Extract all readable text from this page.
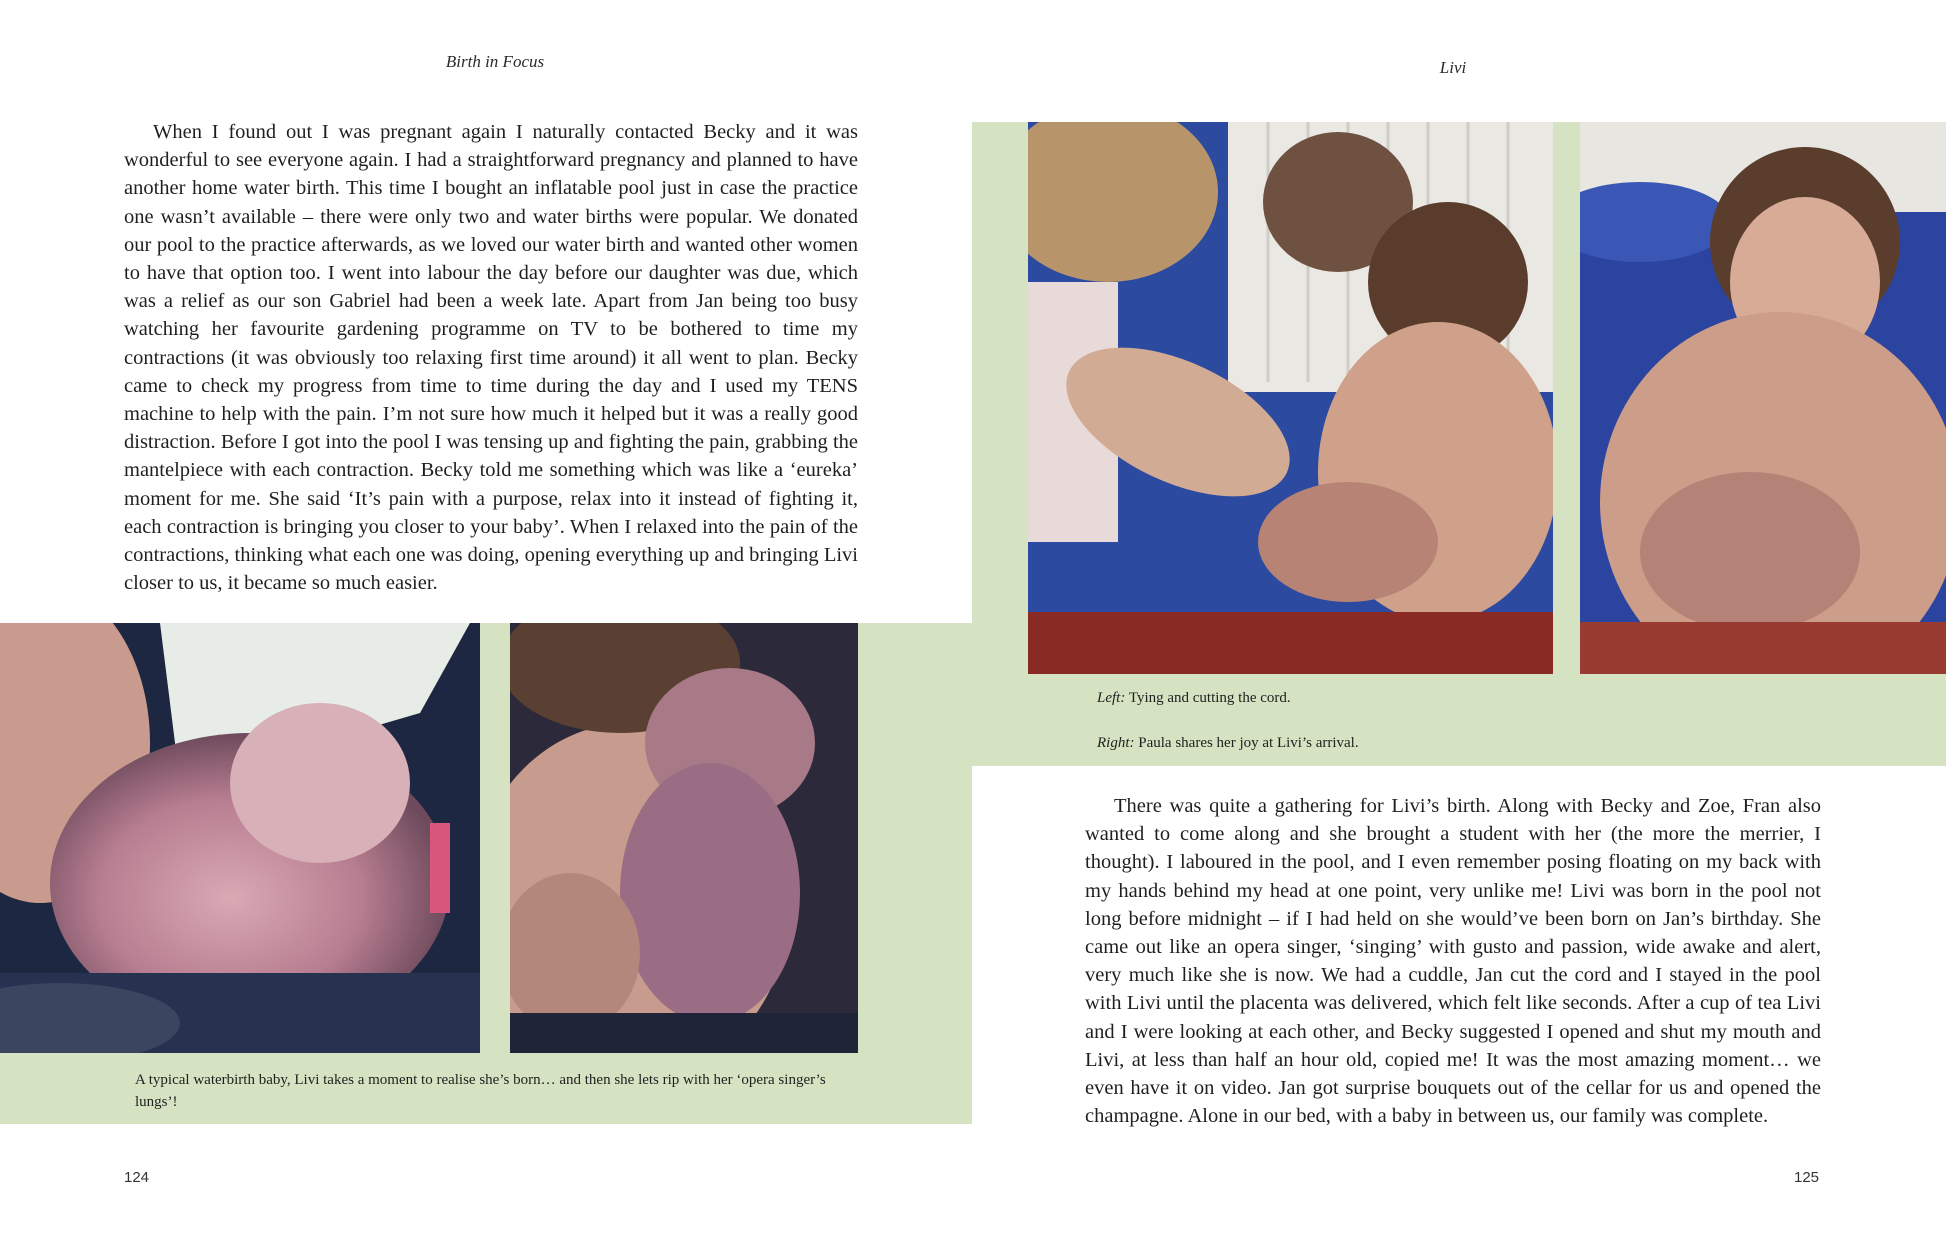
Birth in Focus

When I found out I was pregnant again I naturally contacted Becky and it was wonderful to see everyone again. I had a straightforward pregnancy and planned to have another home water birth. This time I bought an inflatable pool just in case the practice one wasn’t available – there were only two and water births were popular. We donated our pool to the practice afterwards, as we loved our water birth and wanted other women to have that option too. I went into labour the day before our daughter was due, which was a relief as our son Gabriel had been a week late. Apart from Jan being too busy watching her favourite gardening programme on TV to be bothered to time my contractions (it was obviously too relaxing first time around) it all went to plan. Becky came to check my progress from time to time during the day and I used my TENS machine to help with the pain. I’m not sure how much it helped but it was a really good distraction. Before I got into the pool I was tensing up and fighting the pain, grabbing the mantelpiece with each contraction. Becky told me something which was like a ‘eureka’ moment for me. She said ‘It’s pain with a purpose, relax into it instead of fighting it, each contraction is bringing you closer to your baby’. When I relaxed into the pain of the contractions, thinking what each one was doing, opening everything up and bringing Livi closer to us, it became so much easier.

A typical waterbirth baby, Livi takes a moment to realise she’s born… and then she lets rip with her ‘opera singer’s lungs’!
124
Livi
Left: Tying and cutting the cord.
Right: Paula shares her joy at Livi’s arrival.

There was quite a gathering for Livi’s birth. Along with Becky and Zoe, Fran also wanted to come along and she brought a student with her (the more the merrier, I thought). I laboured in the pool, and I even remember posing floating on my back with my hands behind my head at one point, very unlike me! Livi was born in the pool not long before midnight – if I had held on she would’ve been born on Jan’s birthday. She came out like an opera singer, ‘singing’ with gusto and passion, wide awake and alert, very much like she is now. We had a cuddle, Jan cut the cord and I stayed in the pool with Livi until the placenta was delivered, which felt like seconds. After a cup of tea Livi and I were looking at each other, and Becky suggested I opened and shut my mouth and Livi, at less than half an hour old, copied me! It was the most amazing moment… we even have it on video. Jan got surprise bouquets out of the cellar for us and opened the champagne. Alone in our bed, with a baby in between us, our family was complete.

125
